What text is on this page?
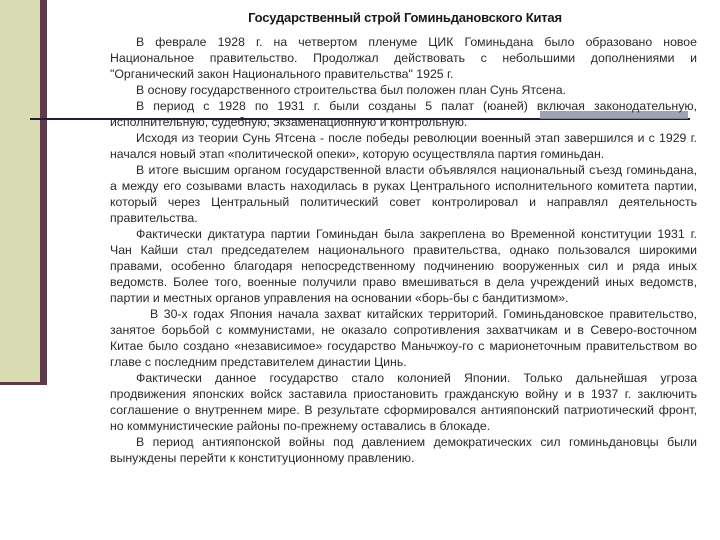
Государственный строй Гоминьдановского Китая

В феврале 1928 г. на четвертом пленуме ЦИК Гоминьдана было образовано новое Национальное правительство. Продолжал действовать с небольшими дополнениями и "Органический закон Национального правительства" 1925 г.

В основу государственного строительства был положен план Сунь Ятсена.

В период с 1928 по 1931 г. были созданы 5 палат (юаней) включая законодательную, исполнительную, судебную, экзаменационную и контрольную.

Исходя из теории Сунь Ятсена - после победы революции военный этап завершился и с 1929 г. начался новый этап «политической опеки», которую осуществляла партия гоминьдан.

В итоге высшим органом государственной власти объявлялся национальный съезд гоминьдана, а между его созывами власть находилась в руках Центрального исполнительного комитета партии, который через Центральный политический совет контролировал и направлял деятельность правительства.

Фактически диктатура партии Гоминьдан была закреплена во Временной конституции 1931 г. Чан Кайши стал председателем национального правительства, однако пользовался широкими правами, особенно благодаря непосредственному подчинению вооруженных сил и ряда иных ведомств. Более того, военные получили право вмешиваться в дела учреждений иных ведомств, партии и местных органов управления на основании «борь-бы с бандитизмом».

В 30-х годах Япония начала захват китайских территорий. Гоминьдановское правительство, занятое борьбой с коммунистами, не оказало сопротивления захватчикам и в Северо-восточном Китае было создано «независимое» государство Маньчжоу-го с марионеточным правительством во главе с последним представителем династии Цинь.

Фактически данное государство стало колонией Японии. Только дальнейшая угроза продвижения японских войск заставила приостановить гражданскую войну и в 1937 г. заключить соглашение о внутреннем мире. В результате сформировался антияпонский патриотический фронт, но коммунистические районы по-прежнему оставались в блокаде.

В период антияпонской войны под давлением демократических сил гоминьдановцы были вынуждены перейти к конституционному правлению.
